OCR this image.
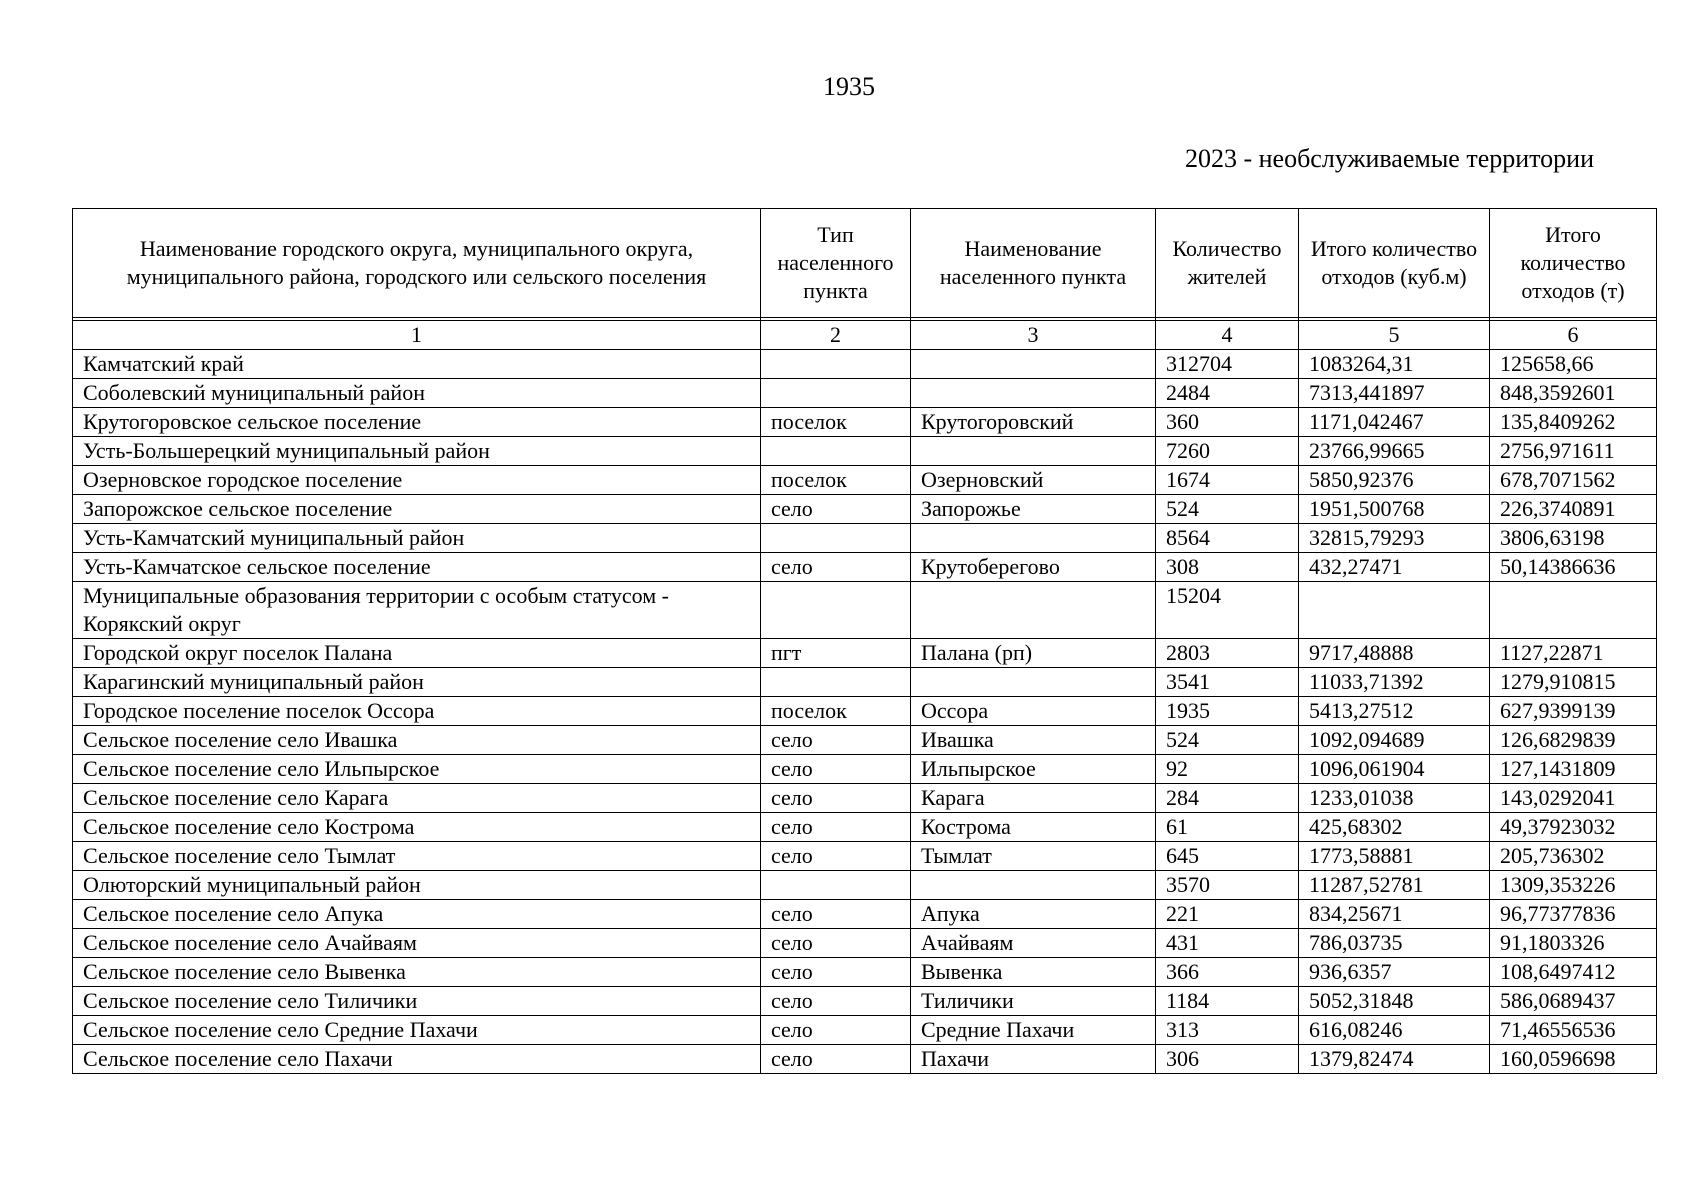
1935
2023 - необслуживаемые территории
Наименование городского округа, муниципального округа, муниципального района, городского или сельского поселения	Тип населенного пункта	Наименование населенного пункта	Количество жителей	Итого количество отходов (куб.м)	Итого количество отходов (т)

1	2	3	4	5	6
Камчатский край			312704	1083264,31	125658,66
Соболевский муниципальный район			2484	7313,441897	848,3592601
Крутогоровское сельское поселение	поселок	Крутогоровский	360	1171,042467	135,8409262
Усть-Большерецкий муниципальный район			7260	23766,99665	2756,971611
Озерновское городское поселение	поселок	Озерновский	1674	5850,92376	678,7071562
Запорожское сельское поселение	село	Запорожье	524	1951,500768	226,3740891
Усть-Камчатский муниципальный район			8564	32815,79293	3806,63198
Усть-Камчатское сельское поселение	село	Крутоберегово	308	432,27471	50,14386636
Муниципальные образования территории с особым статусом - Корякский округ			15204		
Городской округ поселок Палана	пгт	Палана (рп)	2803	9717,48888	1127,22871
Карагинский муниципальный район			3541	11033,71392	1279,910815
Городское поселение поселок Оссора	поселок	Оссора	1935	5413,27512	627,9399139
Сельское поселение село Ивашка	село	Ивашка	524	1092,094689	126,6829839
Сельское поселение село Ильпырское	село	Ильпырское	92	1096,061904	127,1431809
Сельское поселение село Карага	село	Карага	284	1233,01038	143,0292041
Сельское поселение село Кострома	село	Кострома	61	425,68302	49,37923032
Сельское поселение село Тымлат	село	Тымлат	645	1773,58881	205,736302
Олюторский муниципальный район			3570	11287,52781	1309,353226
Сельское поселение село Апука	село	Апука	221	834,25671	96,77377836
Сельское поселение село Ачайваям	село	Ачайваям	431	786,03735	91,1803326
Сельское поселение село Вывенка	село	Вывенка	366	936,6357	108,6497412
Сельское поселение село Тиличики	село	Тиличики	1184	5052,31848	586,0689437
Сельское поселение село Средние Пахачи	село	Средние Пахачи	313	616,08246	71,46556536
Сельское поселение село Пахачи	село	Пахачи	306	1379,82474	160,0596698
